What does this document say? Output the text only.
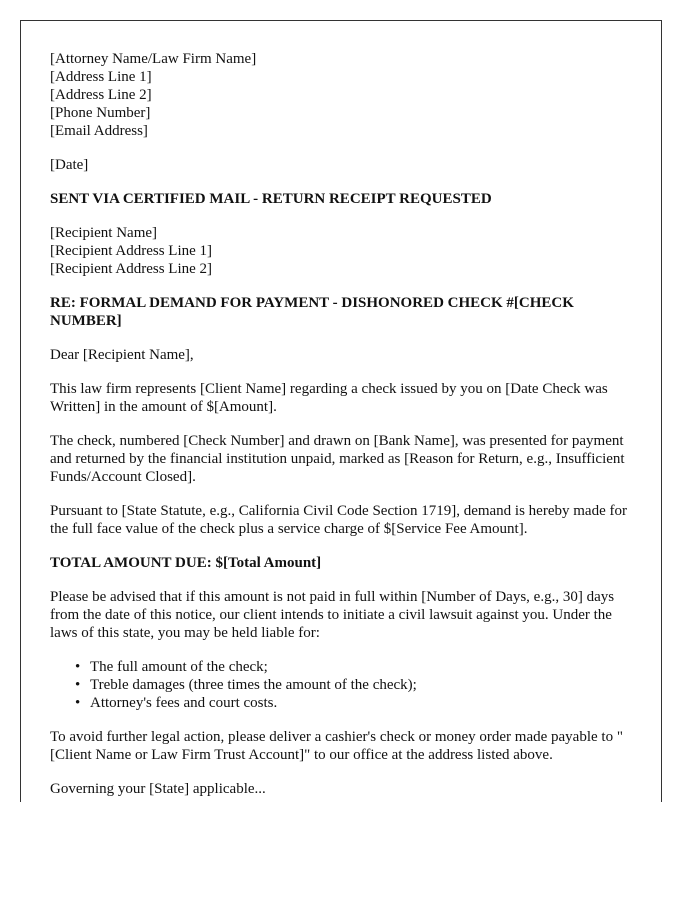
[Attorney Name/Law Firm Name]
[Address Line 1]
[Address Line 2]
[Phone Number]
[Email Address]
[Date]
SENT VIA CERTIFIED MAIL - RETURN RECEIPT REQUESTED
[Recipient Name]
[Recipient Address Line 1]
[Recipient Address Line 2]
RE: FORMAL DEMAND FOR PAYMENT - DISHONORED CHECK #[CHECK NUMBER]
Dear [Recipient Name],
This law firm represents [Client Name] regarding a check issued by you on [Date Check was Written] in the amount of $[Amount].
The check, numbered [Check Number] and drawn on [Bank Name], was presented for payment and returned by the financial institution unpaid, marked as [Reason for Return, e.g., Insufficient Funds/Account Closed].
Pursuant to [State Statute, e.g., California Civil Code Section 1719], demand is hereby made for the full face value of the check plus a service charge of $[Service Fee Amount].
TOTAL AMOUNT DUE: $[Total Amount]
Please be advised that if this amount is not paid in full within [Number of Days, e.g., 30] days from the date of this notice, our client intends to initiate a civil lawsuit against you. Under the laws of this state, you may be held liable for:
• The full amount of the check;
• Treble damages (three times the amount of the check);
• Attorney's fees and court costs.
To avoid further legal action, please deliver a cashier's check or money order made payable to "[Client Name or Law Firm Trust Account]" to our office at the address listed above.
Governing your [State] applicable...
